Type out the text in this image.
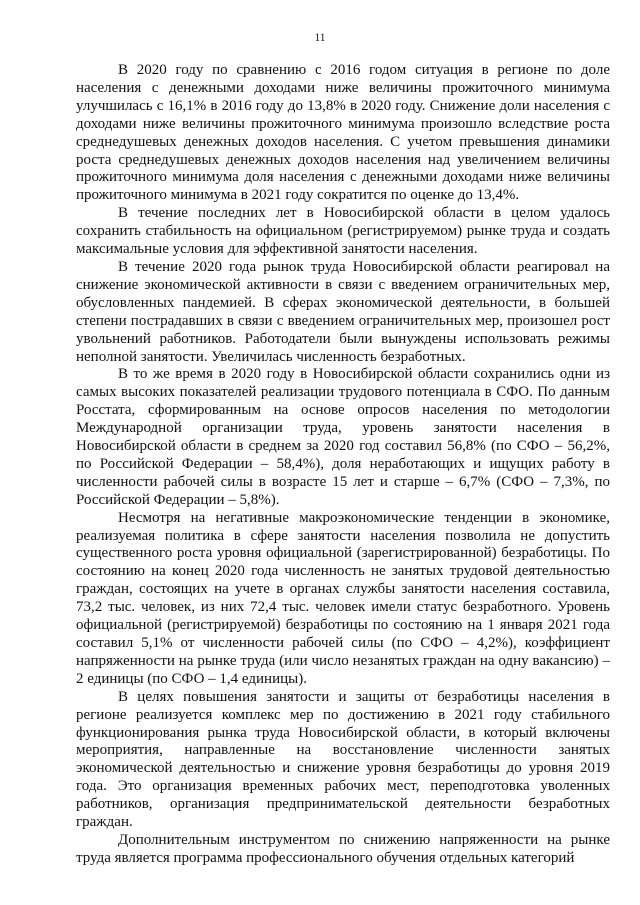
11

В 2020 году по сравнению с 2016 годом ситуация в регионе по доле населения с денежными доходами ниже величины прожиточного минимума улучшилась с 16,1% в 2016 году до 13,8% в 2020 году. Снижение доли населения с доходами ниже величины прожиточного минимума произошло вследствие роста среднедушевых денежных доходов населения. С учетом превышения динамики роста среднедушевых денежных доходов населения над увеличением величины прожиточного минимума доля населения с денежными доходами ниже величины прожиточного минимума в 2021 году сократится по оценке до 13,4%.

В течение последних лет в Новосибирской области в целом удалось сохранить стабильность на официальном (регистрируемом) рынке труда и создать максимальные условия для эффективной занятости населения.

В течение 2020 года рынок труда Новосибирской области реагировал на снижение экономической активности в связи с введением ограничительных мер, обусловленных пандемией. В сферах экономической деятельности, в большей степени пострадавших в связи с введением ограничительных мер, произошел рост увольнений работников. Работодатели были вынуждены использовать режимы неполной занятости. Увеличилась численность безработных.

В то же время в 2020 году в Новосибирской области сохранились одни из самых высоких показателей реализации трудового потенциала в СФО. По данным Росстата, сформированным на основе опросов населения по методологии Международной организации труда, уровень занятости населения в Новосибирской области в среднем за 2020 год составил 56,8% (по СФО – 56,2%, по Российской Федерации – 58,4%), доля неработающих и ищущих работу в численности рабочей силы в возрасте 15 лет и старше – 6,7% (СФО – 7,3%, по Российской Федерации – 5,8%).

Несмотря на негативные макроэкономические тенденции в экономике, реализуемая политика в сфере занятости населения позволила не допустить существенного роста уровня официальной (зарегистрированной) безработицы. По состоянию на конец 2020 года численность не занятых трудовой деятельностью граждан, состоящих на учете в органах службы занятости населения составила, 73,2 тыс. человек, из них 72,4 тыс. человек имели статус безработного. Уровень официальной (регистрируемой) безработицы по состоянию на 1 января 2021 года составил 5,1% от численности рабочей силы (по СФО – 4,2%), коэффициент напряженности на рынке труда (или число незанятых граждан на одну вакансию) – 2 единицы (по СФО – 1,4 единицы).

В целях повышения занятости и защиты от безработицы населения в регионе реализуется комплекс мер по достижению в 2021 году стабильного функционирования рынка труда Новосибирской области, в который включены мероприятия, направленные на восстановление численности занятых экономической деятельностью и снижение уровня безработицы до уровня 2019 года. Это организация временных рабочих мест, переподготовка уволенных работников, организация предпринимательской деятельности безработных граждан.

Дополнительным инструментом по снижению напряженности на рынке труда является программа профессионального обучения отдельных категорий
